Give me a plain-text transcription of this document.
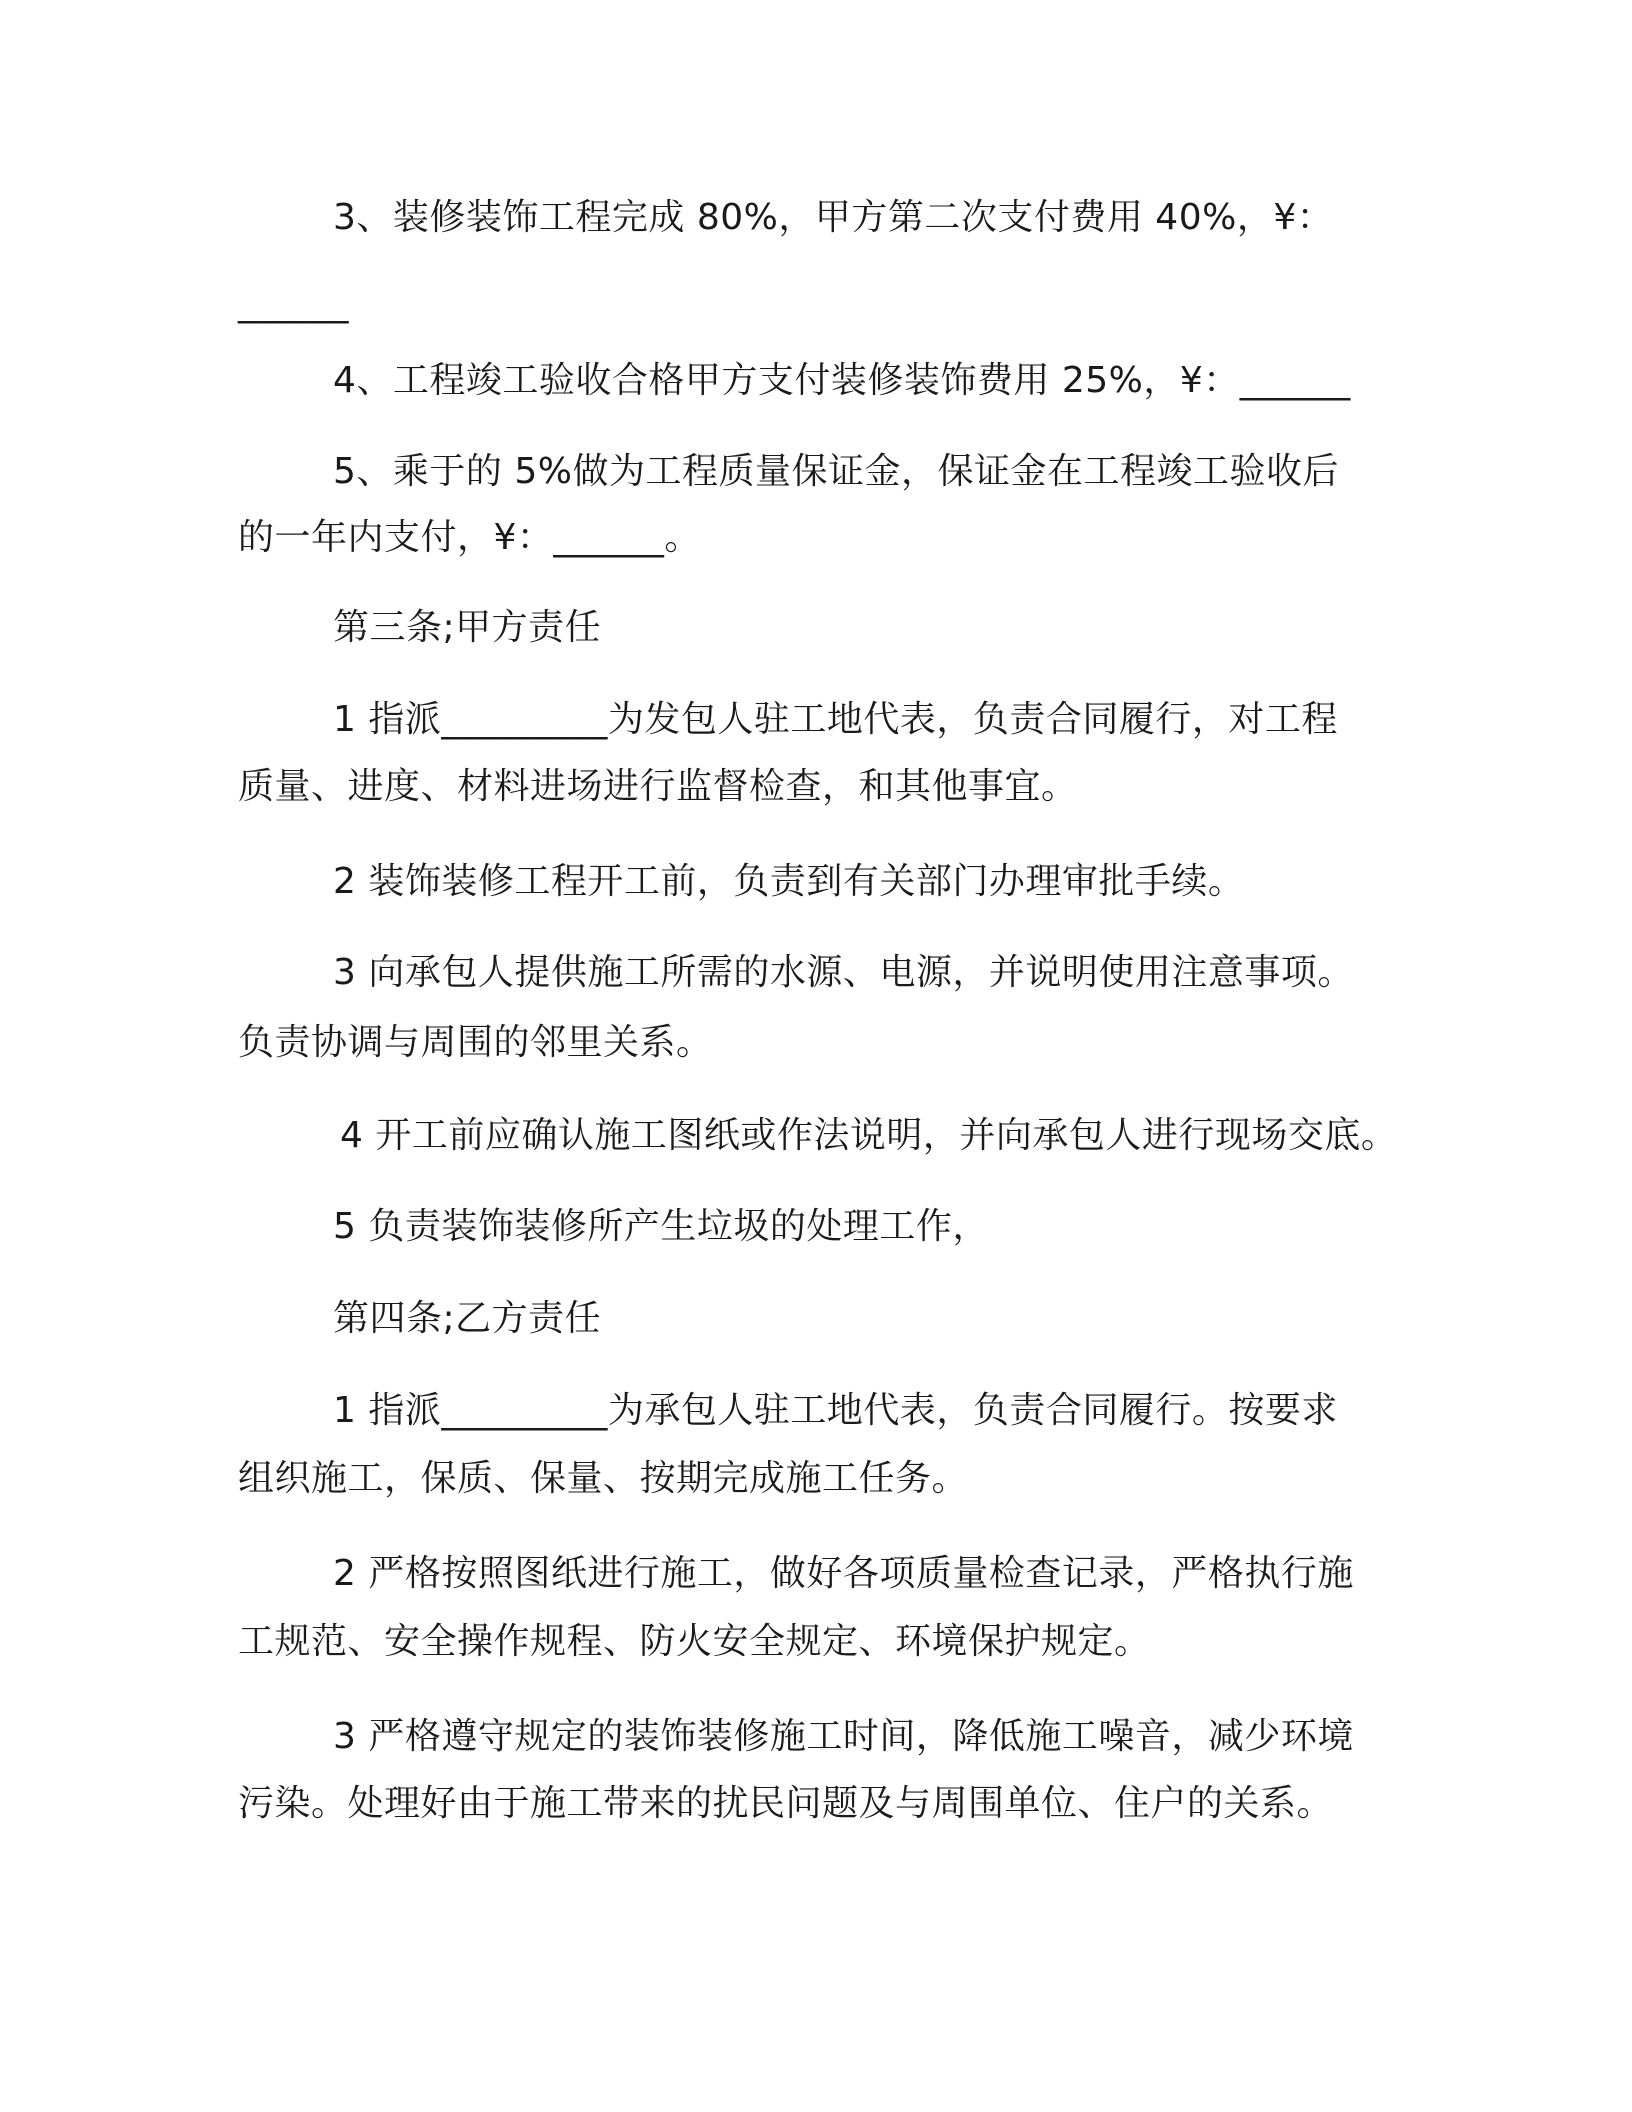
3、装修装饰工程完成 80%，甲方第二次支付费用 40%，¥：
______
4、工程竣工验收合格甲方支付装修装饰费用 25%，¥：______
5、乘于的 5%做为工程质量保证金，保证金在工程竣工验收后
的一年内支付，¥：______。
第三条;甲方责任
1 指派_________为发包人驻工地代表，负责合同履行，对工程
质量、进度、材料进场进行监督检查，和其他事宜。
2 装饰装修工程开工前，负责到有关部门办理审批手续。
3 向承包人提供施工所需的水源、电源，并说明使用注意事项。
负责协调与周围的邻里关系。
4 开工前应确认施工图纸或作法说明，并向承包人进行现场交底。
5 负责装饰装修所产生垃圾的处理工作，
第四条;乙方责任
1 指派_________为承包人驻工地代表，负责合同履行。按要求
组织施工，保质、保量、按期完成施工任务。
2 严格按照图纸进行施工，做好各项质量检查记录，严格执行施
工规范、安全操作规程、防火安全规定、环境保护规定。
3 严格遵守规定的装饰装修施工时间，降低施工噪音，减少环境
污染。处理好由于施工带来的扰民问题及与周围单位、住户的关系。
